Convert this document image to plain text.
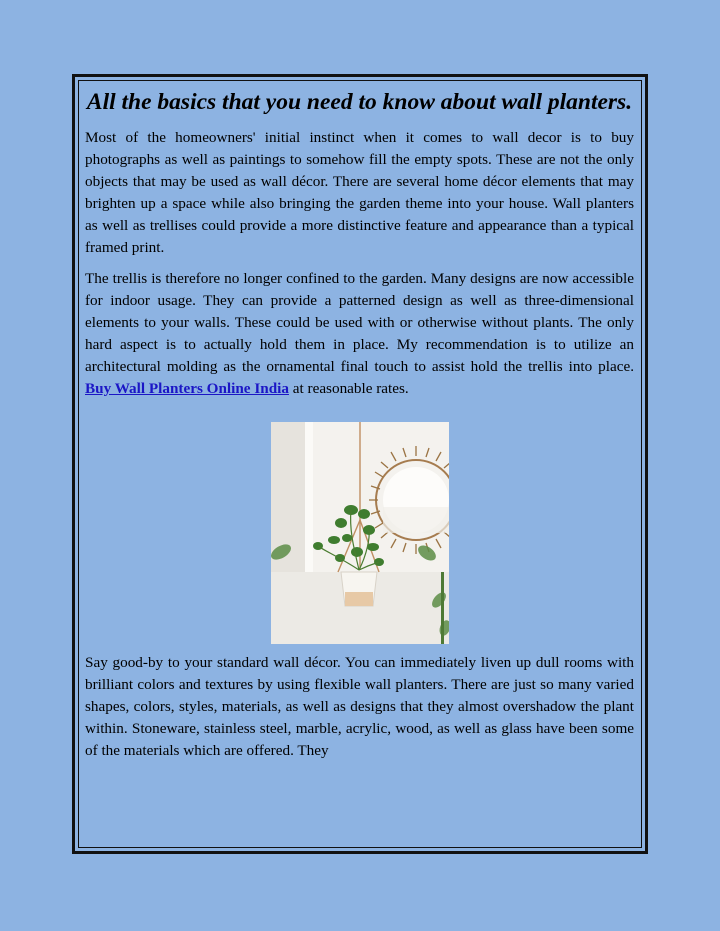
All the basics that you need to know about wall planters.

Most of the homeowners' initial instinct when it comes to wall decor is to buy photographs as well as paintings to somehow fill the empty spots. These are not the only objects that may be used as wall décor. There are several home décor elements that may brighten up a space while also bringing the garden theme into your house. Wall planters as well as trellises could provide a more distinctive feature and appearance than a typical framed print.

The trellis is therefore no longer confined to the garden. Many designs are now accessible for indoor usage. They can provide a patterned design as well as three-dimensional elements to your walls. These could be used with or otherwise without plants. The only hard aspect is to actually hold them in place. My recommendation is to utilize an architectural molding as the ornamental final touch to assist hold the trellis into place. Buy Wall Planters Online India at reasonable rates.

Say good-by to your standard wall décor. You can immediately liven up dull rooms with brilliant colors and textures by using flexible wall planters. There are just so many varied shapes, colors, styles, materials, as well as designs that they almost overshadow the plant within. Stoneware, stainless steel, marble, acrylic, wood, as well as glass have been some of the materials which are offered. They
